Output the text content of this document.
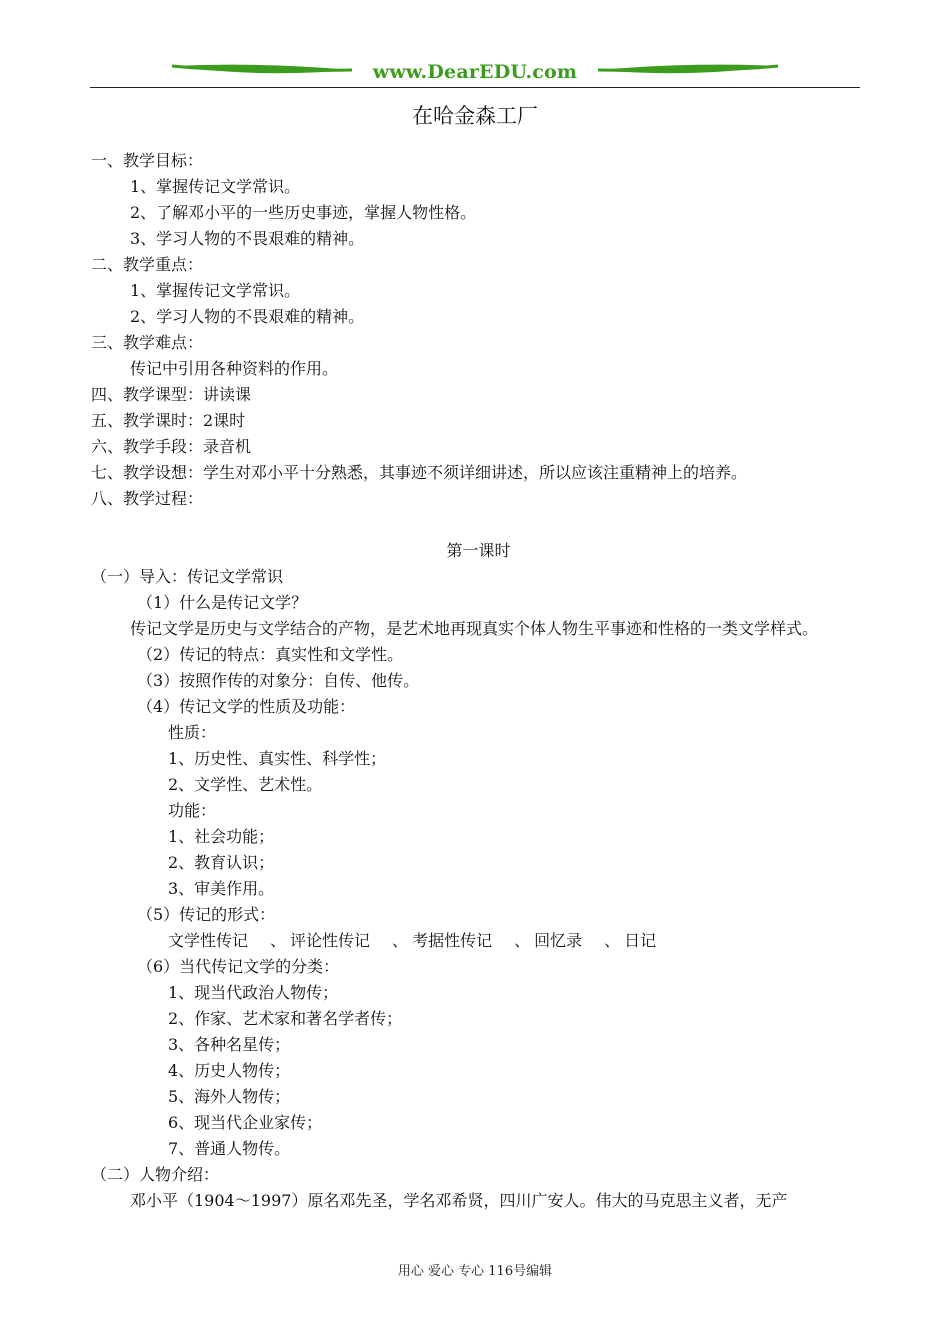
www.DearEDU.com
在哈金森工厂
一、教学目标：
1、掌握传记文学常识。
2、了解邓小平的一些历史事迹，掌握人物性格。
3、学习人物的不畏艰难的精神。
二、教学重点：
1、掌握传记文学常识。
2、学习人物的不畏艰难的精神。
三、教学难点：
传记中引用各种资料的作用。
四、教学课型：讲读课
五、教学课时：2课时
六、教学手段：录音机
七、教学设想：学生对邓小平十分熟悉，其事迹不须详细讲述，所以应该注重精神上的培养。
八、教学过程：
第一课时
（一）导入：传记文学常识
（1）什么是传记文学？
传记文学是历史与文学结合的产物，是艺术地再现真实个体人物生平事迹和性格的一类文学样式。
（2）传记的特点：真实性和文学性。
（3）按照作传的对象分：自传、他传。
（4）传记文学的性质及功能：
性质：
1、历史性、真实性、科学性；
2、文学性、艺术性。
功能：
1、社会功能；
2、教育认识；
3、审美作用。
（5）传记的形式：
文学性传记 、 评论性传记 、 考据性传记 、 回忆录 、 日记
（6）当代传记文学的分类：
1、现当代政治人物传；
2、作家、艺术家和著名学者传；
3、各种名星传；
4、历史人物传；
5、海外人物传；
6、现当代企业家传；
7、普通人物传。
（二）人物介绍：
邓小平（1904～1997）原名邓先圣，学名邓希贤，四川广安人。伟大的马克思主义者，无产
用心 爱心 专心 116号编辑
